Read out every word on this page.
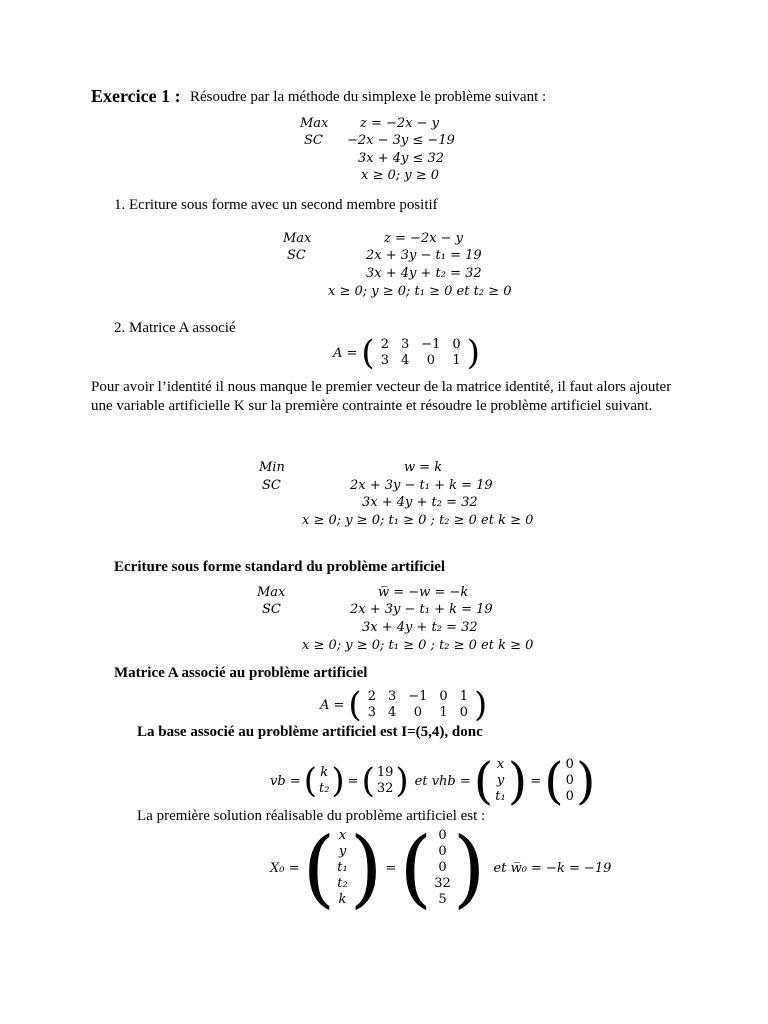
Exercice 1 : Résoudre par la méthode du simplexe le problème suivant :
Max z = −2x − y
SC −2x − 3y ≤ −19
3x + 4y ≤ 32
x ≥ 0; y ≥ 0
1. Ecriture sous forme avec un second membre positif
Max	z = −2x − y
SC	2x + 3y − t₁ = 19
3x + 4y + t₂ = 32
x ≥ 0; y ≥ 0; t₁ ≥ 0 et t₂ ≥ 0
2. Matrice A associé
A = ( 2	3	−1	0
3	4	0	1 )
Pour avoir l’identité il nous manque le premier vecteur de la matrice identité, il faut alors ajouter une variable artificielle K sur la première contrainte et résoudre le problème artificiel suivant.
Min	w = k
SC	2x + 3y − t₁ + k = 19
3x + 4y + t₂ = 32
x ≥ 0; y ≥ 0; t₁ ≥ 0 ; t₂ ≥ 0 et k ≥ 0
Ecriture sous forme standard du problème artificiel
Max	w̅ = −w = −k
SC	2x + 3y − t₁ + k = 19
3x + 4y + t₂ = 32
x ≥ 0; y ≥ 0; t₁ ≥ 0 ; t₂ ≥ 0 et k ≥ 0
Matrice A associé au problème artificiel
A = ( 2	3	−1	0	1
3	4	0	1	0 )
La base associé au problème artificiel est I=(5,4), donc
vb = ( k
t₂ ) = ( 19
32 ) et vhb = ( x
y
t₁ ) = ( 0
0
0 )
La première solution réalisable du problème artificiel est :
X₀ = ( x
y
t₁
t₂
k ) = ( 0
0
0
32
5 ) et w̅₀ = −k = −19
